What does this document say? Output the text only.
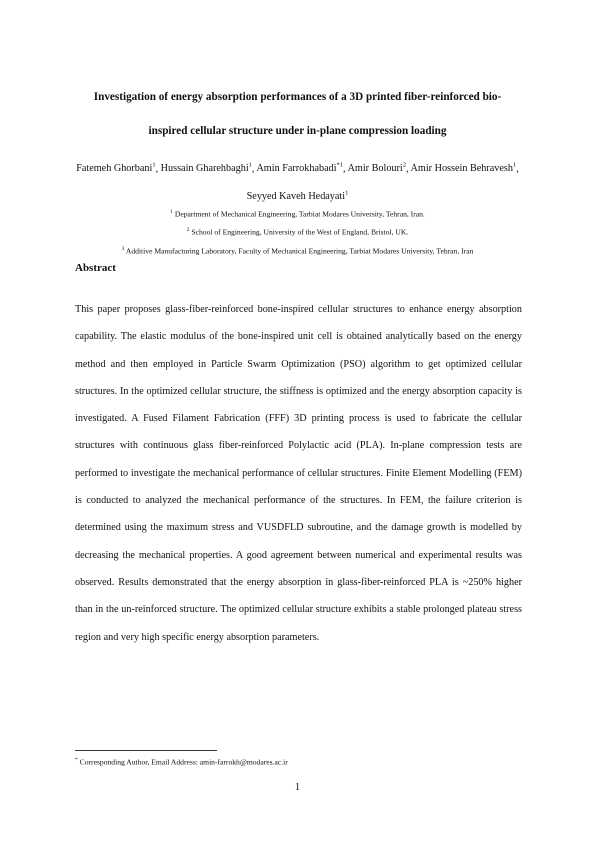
Investigation of energy absorption performances of a 3D printed fiber-reinforced bio-
inspired cellular structure under in-plane compression loading
Fatemeh Ghorbani$^1$, Hussain Gharehbaghi$^1$, Amin Farrokhabadi$^{*1}$, Amir Bolouri$^2$, Amir Hossein Behravesh$^1$, Seyyed Kaveh Hedayati$^1$
$^1$ Department of Mechanical Engineering, Tarbiat Modares University, Tehran, Iran.
$^2$ School of Engineering, University of the West of England, Bristol, UK.
$^3$ Additive Manufacturing Laboratory, Faculty of Mechanical Engineering, Tarbiat Modares University, Tehran, Iran
Abstract
This paper proposes glass-fiber-reinforced bone-inspired cellular structures to enhance energy absorption capability. The elastic modulus of the bone-inspired unit cell is obtained analytically based on the energy method and then employed in Particle Swarm Optimization (PSO) algorithm to get optimized cellular structures. In the optimized cellular structure, the stiffness is optimized and the energy absorption capacity is investigated. A Fused Filament Fabrication (FFF) 3D printing process is used to fabricate the cellular structures with continuous glass fiber-reinforced Polylactic acid (PLA). In-plane compression tests are performed to investigate the mechanical performance of cellular structures. Finite Element Modelling (FEM) is conducted to analyzed the mechanical performance of the structures. In FEM, the failure criterion is determined using the maximum stress and VUSDFLD subroutine, and the damage growth is modelled by decreasing the mechanical properties. A good agreement between numerical and experimental results was observed. Results demonstrated that the energy absorption in glass-fiber-reinforced PLA is ~250% higher than in the un-reinforced structure. The optimized cellular structure exhibits a stable prolonged plateau stress region and very high specific energy absorption parameters.
* Corresponding Author, Email Address: amin-farrokh@modares.ac.ir
1
